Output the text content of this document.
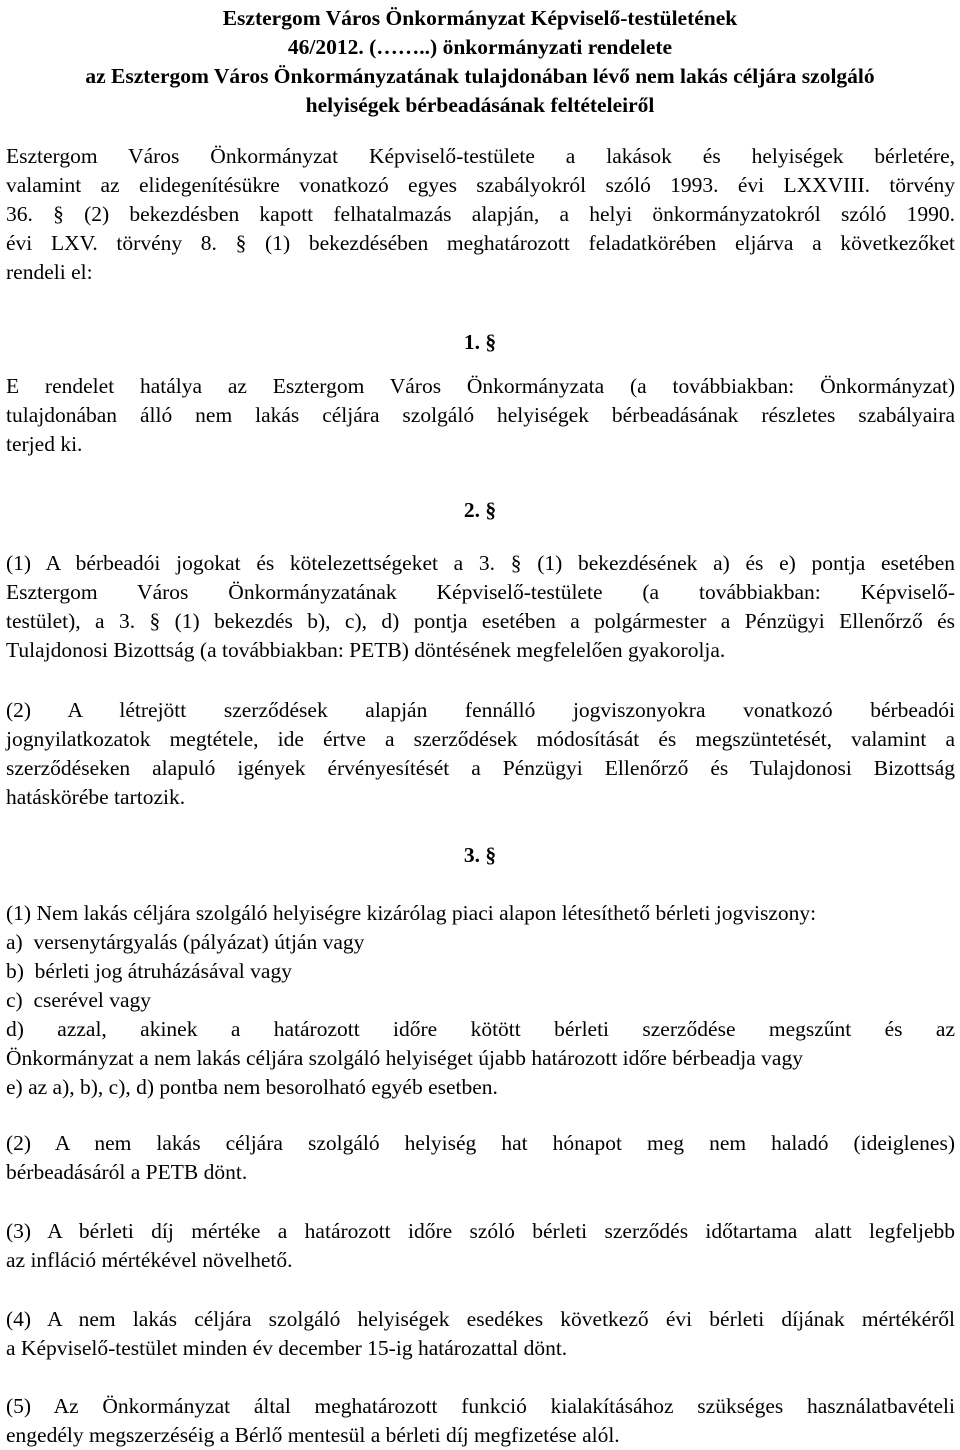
Esztergom Város Önkormányzat Képviselő-testületének
46/2012. (……..) önkormányzati rendelete
az Esztergom Város Önkormányzatának tulajdonában lévő nem lakás céljára szolgáló
helyiségek bérbeadásának feltételeiről
Esztergom Város Önkormányzat Képviselő-testülete a lakások és helyiségek bérletére,
valamint az elidegenítésükre vonatkozó egyes szabályokról szóló 1993. évi LXXVIII. törvény
36. § (2) bekezdésben kapott felhatalmazás alapján, a helyi önkormányzatokról szóló 1990.
évi LXV. törvény 8. § (1) bekezdésében meghatározott feladatkörében eljárva a következőket
rendeli el:
1. §
E rendelet hatálya az Esztergom Város Önkormányzata (a továbbiakban: Önkormányzat)
tulajdonában álló nem lakás céljára szolgáló helyiségek bérbeadásának részletes szabályaira
terjed ki.
2. §
(1) A bérbeadói jogokat és kötelezettségeket a 3. § (1) bekezdésének a) és e) pontja esetében
Esztergom Város Önkormányzatának Képviselő-testülete (a továbbiakban: Képviselő-
testület), a 3. § (1) bekezdés b), c), d) pontja esetében a polgármester a Pénzügyi Ellenőrző és
Tulajdonosi Bizottság (a továbbiakban: PETB) döntésének megfelelően gyakorolja.
(2) A létrejött szerződések alapján fennálló jogviszonyokra vonatkozó bérbeadói
jognyilatkozatok megtétele, ide értve a szerződések módosítását és megszüntetését, valamint a
szerződéseken alapuló igények érvényesítését a Pénzügyi Ellenőrző és Tulajdonosi Bizottság
hatáskörébe tartozik.
3. §
(1) Nem lakás céljára szolgáló helyiségre kizárólag piaci alapon létesíthető bérleti jogviszony:
a)  versenytárgyalás (pályázat) útján vagy
b)  bérleti jog átruházásával vagy
c)  cserével vagy
d) azzal, akinek a határozott időre kötött bérleti szerződése megszűnt és az
Önkormányzat a nem lakás céljára szolgáló helyiséget újabb határozott időre bérbeadja vagy
e) az a), b), c), d) pontba nem besorolható egyéb esetben.
(2) A nem lakás céljára szolgáló helyiség hat hónapot meg nem haladó (ideiglenes)
bérbeadásáról a PETB dönt.
(3) A bérleti díj mértéke a határozott időre szóló bérleti szerződés időtartama alatt legfeljebb
az infláció mértékével növelhető.
(4) A nem lakás céljára szolgáló helyiségek esedékes következő évi bérleti díjának mértékéről
a Képviselő-testület minden év december 15-ig határozattal dönt.
(5) Az Önkormányzat által meghatározott funkció kialakításához szükséges használatbavételi
engedély megszerzéséig a Bérlő mentesül a bérleti díj megfizetése alól.
